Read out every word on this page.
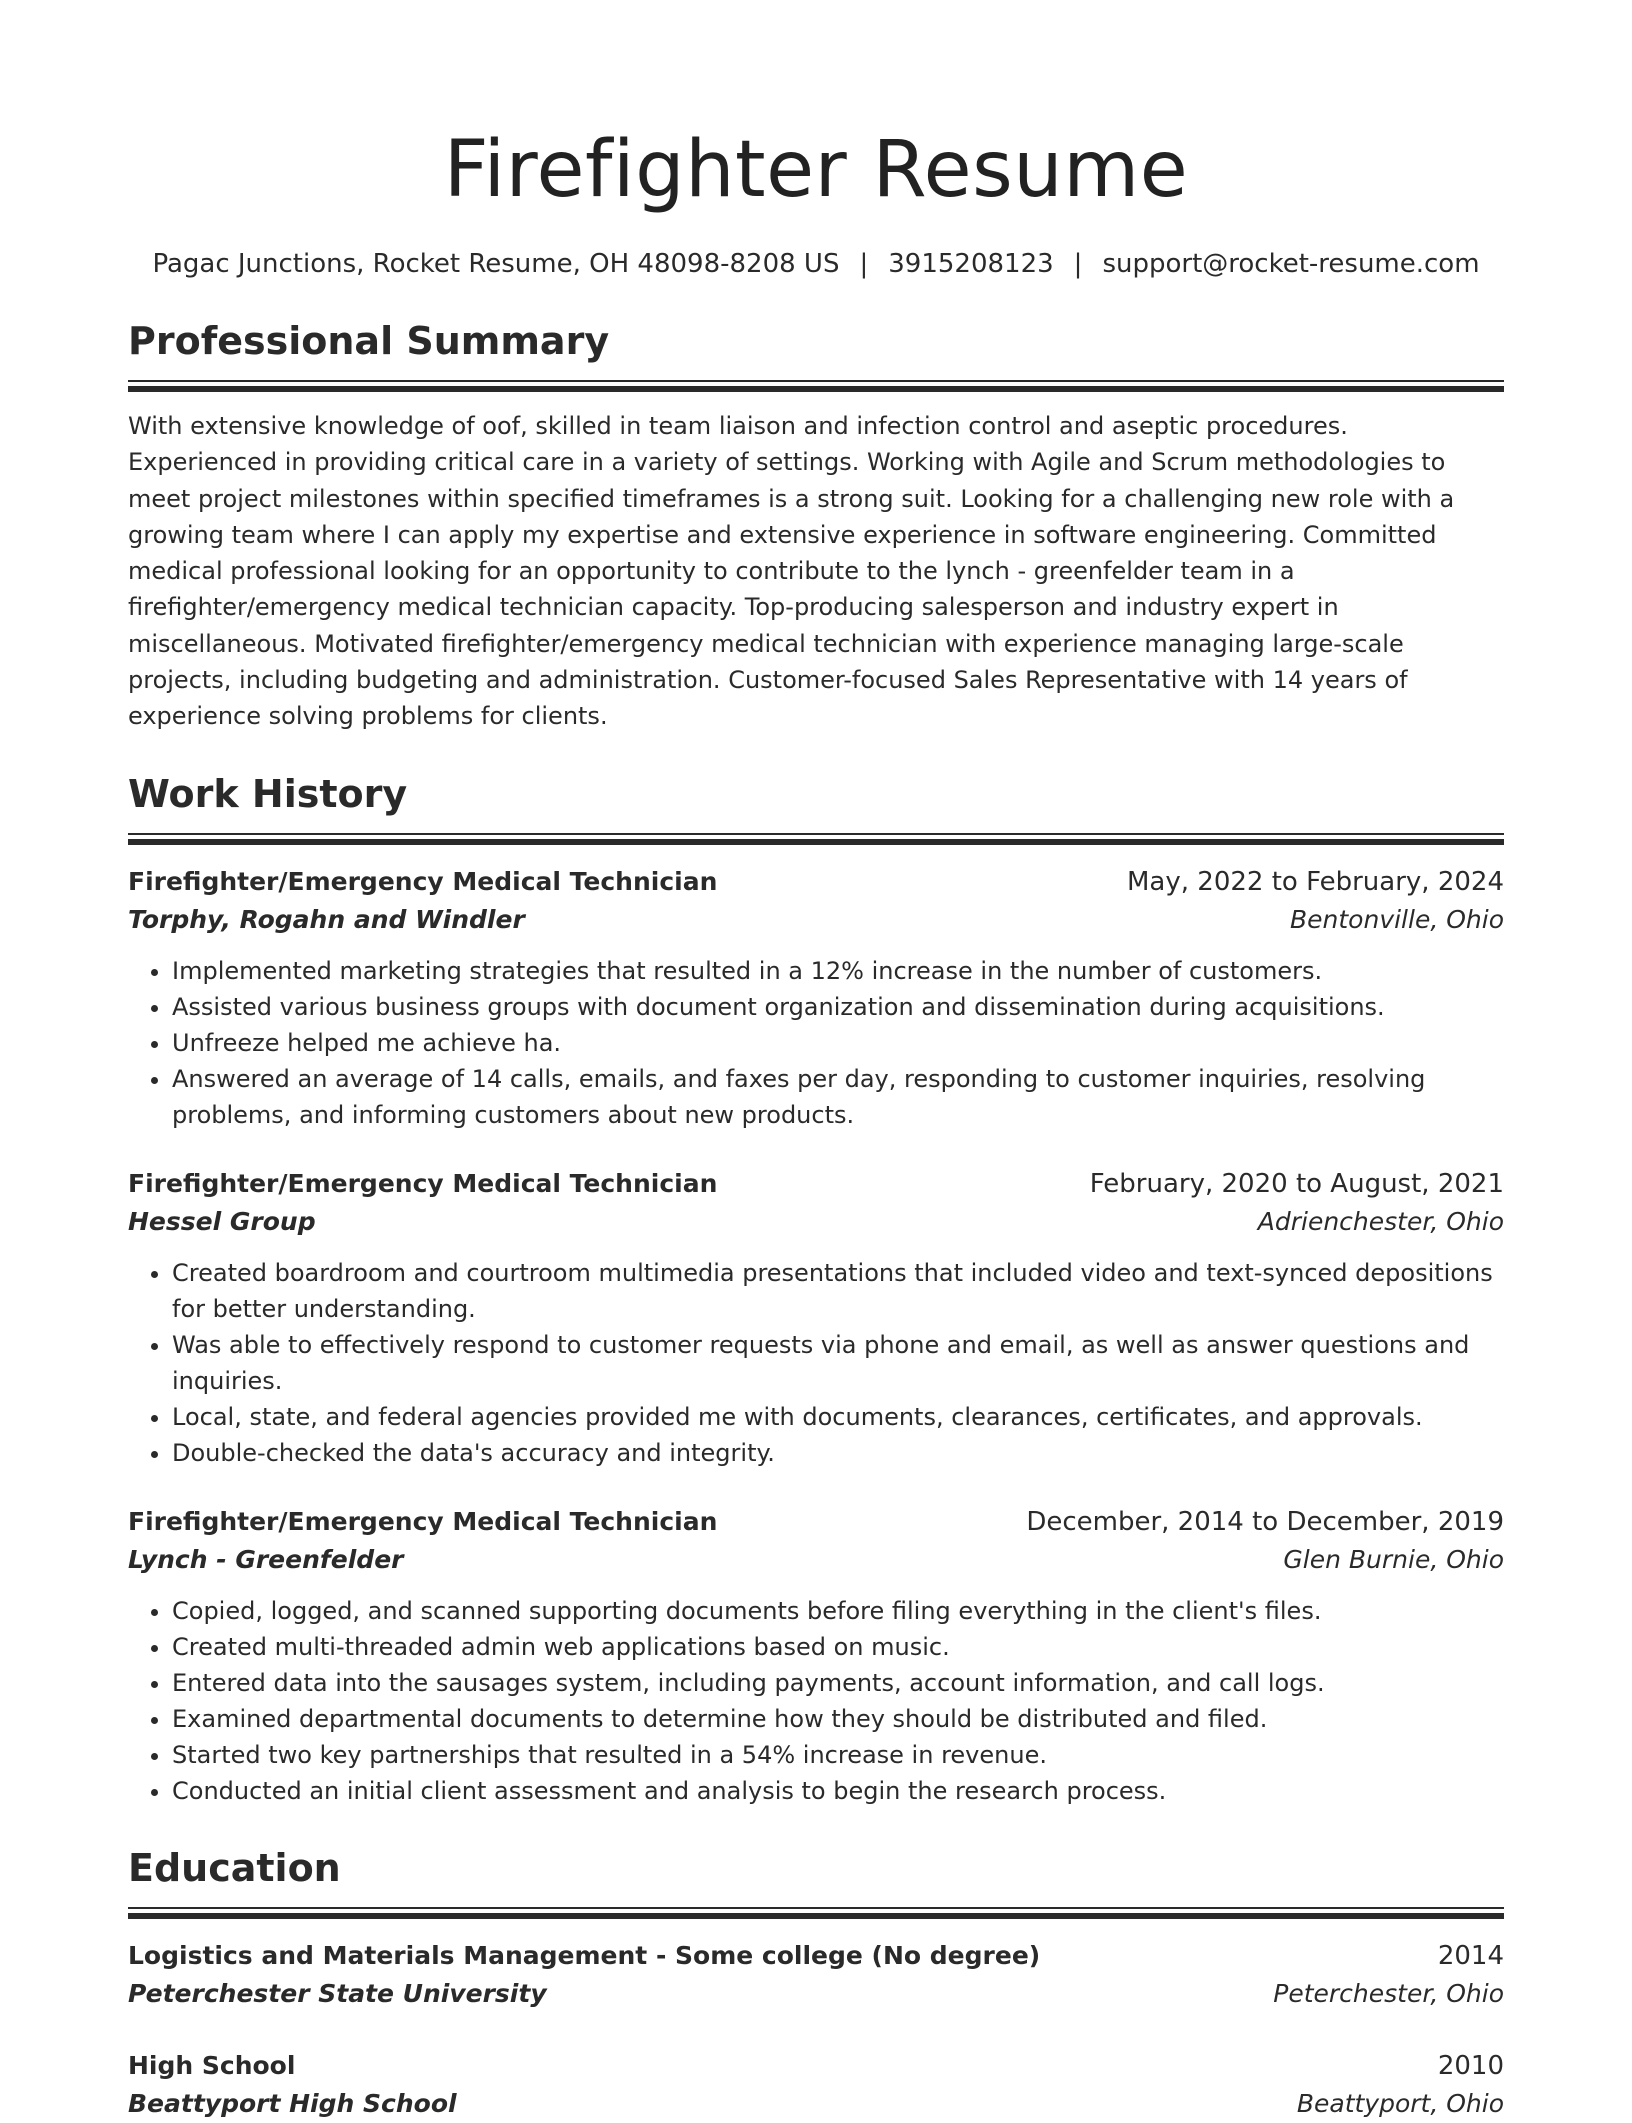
Firefighter Resume
Pagac Junctions, Rocket Resume, OH 48098-8208 US | 3915208123 | support@rocket-resume.com
Professional Summary

With extensive knowledge of oof, skilled in team liaison and infection control and aseptic procedures. Experienced in providing critical care in a variety of settings. Working with Agile and Scrum methodologies to meet project milestones within specified timeframes is a strong suit. Looking for a challenging new role with a growing team where I can apply my expertise and extensive experience in software engineering. Committed medical professional looking for an opportunity to contribute to the lynch - greenfelder team in a firefighter/emergency medical technician capacity. Top-producing salesperson and industry expert in miscellaneous. Motivated firefighter/emergency medical technician with experience managing large-scale projects, including budgeting and administration. Customer-focused Sales Representative with 14 years of experience solving problems for clients.

Work History
Firefighter/Emergency Medical Technician	May, 2022 to February, 2024
Torphy, Rogahn and Windler	Bentonville, Ohio
• Implemented marketing strategies that resulted in a 12% increase in the number of customers.
• Assisted various business groups with document organization and dissemination during acquisitions.
• Unfreeze helped me achieve ha.
• Answered an average of 14 calls, emails, and faxes per day, responding to customer inquiries, resolving problems, and informing customers about new products.
Firefighter/Emergency Medical Technician	February, 2020 to August, 2021
Hessel Group	Adrienchester, Ohio
• Created boardroom and courtroom multimedia presentations that included video and text-synced depositions for better understanding.
• Was able to effectively respond to customer requests via phone and email, as well as answer questions and inquiries.
• Local, state, and federal agencies provided me with documents, clearances, certificates, and approvals.
• Double-checked the data's accuracy and integrity.
Firefighter/Emergency Medical Technician	December, 2014 to December, 2019
Lynch - Greenfelder	Glen Burnie, Ohio
• Copied, logged, and scanned supporting documents before filing everything in the client's files.
• Created multi-threaded admin web applications based on music.
• Entered data into the sausages system, including payments, account information, and call logs.
• Examined departmental documents to determine how they should be distributed and filed.
• Started two key partnerships that resulted in a 54% increase in revenue.
• Conducted an initial client assessment and analysis to begin the research process.
Education
Logistics and Materials Management - Some college (No degree)	2014
Peterchester State University	Peterchester, Ohio
High School	2010
Beattyport High School	Beattyport, Ohio
